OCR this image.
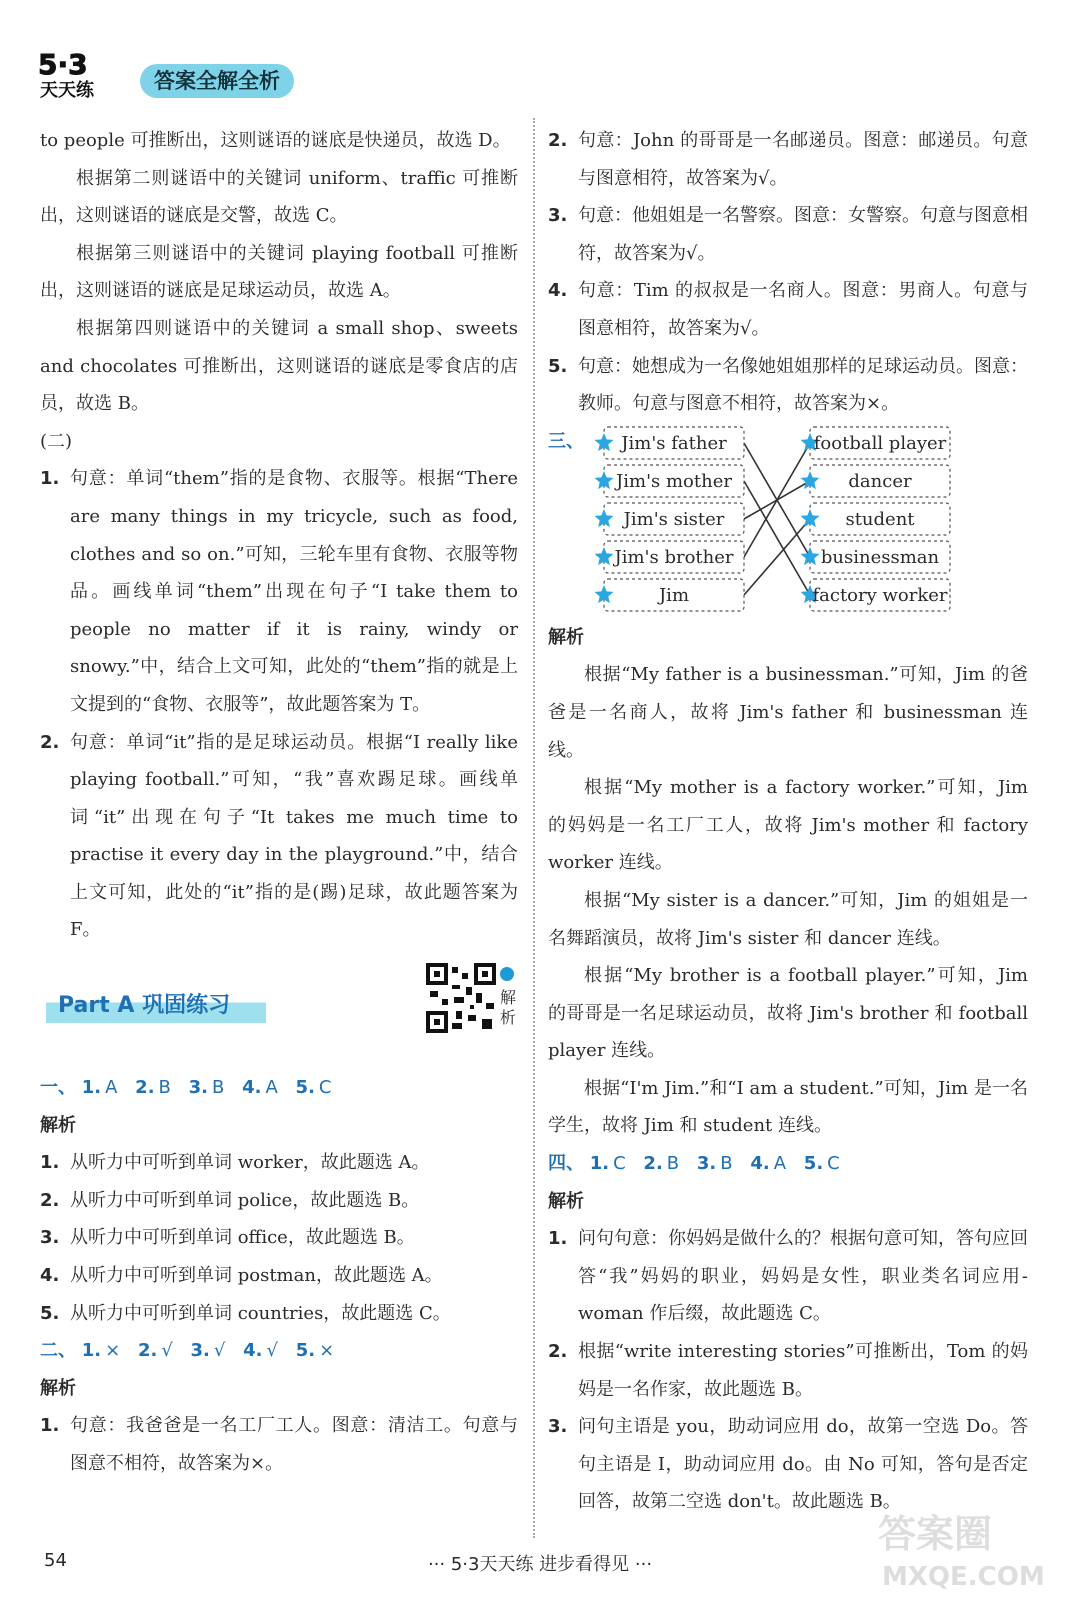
5·3
天天练	答案全解全析

to people 可推断出，这则谜语的谜底是快递员，故选 D。

根据第二则谜语中的关键词 uniform、traffic 可推断出，这则谜语的谜底是交警，故选 C。

根据第三则谜语中的关键词 playing football 可推断出，这则谜语的谜底是足球运动员，故选 A。

根据第四则谜语中的关键词 a small shop、sweets and chocolates 可推断出，这则谜语的谜底是零食店的店员，故选 B。

(二)

1. 句意：单词“them”指的是食物、衣服等。根据“There are many things in my tricycle, such as food, clothes and so on.”可知，三轮车里有食物、衣服等物品。画线单词“them”出现在句子“I take them to people no matter if it is rainy, windy or snowy.”中，结合上文可知，此处的“them”指的就是上文提到的“食物、衣服等”，故此题答案为 T。
2. 句意：单词“it”指的是足球运动员。根据“I really like playing football.”可知，“我”喜欢踢足球。画线单词“it”出现在句子“It takes me much time to practise it every day in the playground.”中，结合上文可知，此处的“it”指的是(踢)足球，故此题答案为 F。
Part A 巩固练习	解析

一、 1. A 2. B 3. B 4. A 5. C

解析

1. 从听力中可听到单词 worker，故此题选 A。
2. 从听力中可听到单词 police，故此题选 B。
3. 从听力中可听到单词 office，故此题选 B。
4. 从听力中可听到单词 postman，故此题选 A。
5. 从听力中可听到单词 countries，故此题选 C。

二、 1. × 2. √ 3. √ 4. √ 5. ×

解析

1. 句意：我爸爸是一名工厂工人。图意：清洁工。句意与图意不相符，故答案为×。
2. 句意：John 的哥哥是一名邮递员。图意：邮递员。句意与图意相符，故答案为√。
3. 句意：他姐姐是一名警察。图意：女警察。句意与图意相符，故答案为√。
4. 句意：Tim 的叔叔是一名商人。图意：男商人。句意与图意相符，故答案为√。
5. 句意：她想成为一名像她姐姐那样的足球运动员。图意：教师。句意与图意不相符，故答案为×。
三、 Jim's father
Jim's mother
Jim's sister
Jim's brother
Jim
football player
dancer
student
businessman
factory worker

解析

根据“My father is a businessman.”可知，Jim 的爸爸是一名商人，故将 Jim's father 和 businessman 连线。

根据“My mother is a factory worker.”可知，Jim 的妈妈是一名工厂工人，故将 Jim's mother 和 factory worker 连线。

根据“My sister is a dancer.”可知，Jim 的姐姐是一名舞蹈演员，故将 Jim's sister 和 dancer 连线。

根据“My brother is a football player.”可知，Jim 的哥哥是一名足球运动员，故将 Jim's brother 和 football player 连线。

根据“I'm Jim.”和“I am a student.”可知，Jim 是一名学生，故将 Jim 和 student 连线。

四、 1. C 2. B 3. B 4. A 5. C

解析

1. 问句句意：你妈妈是做什么的？根据句意可知，答句应回答“我”妈妈的职业，妈妈是女性，职业类名词应用-woman 作后缀，故此题选 C。
2. 根据“write interesting stories”可推断出，Tom 的妈妈是一名作家，故此题选 B。
3. 问句主语是 you，助动词应用 do，故第一空选 Do。答句主语是 I，助动词应用 do。由 No 可知，答句是否定回答，故第二空选 don't。故此题选 B。
54	··· 5·3天天练 进步看得见 ···
答案圈
MXQE.COM
